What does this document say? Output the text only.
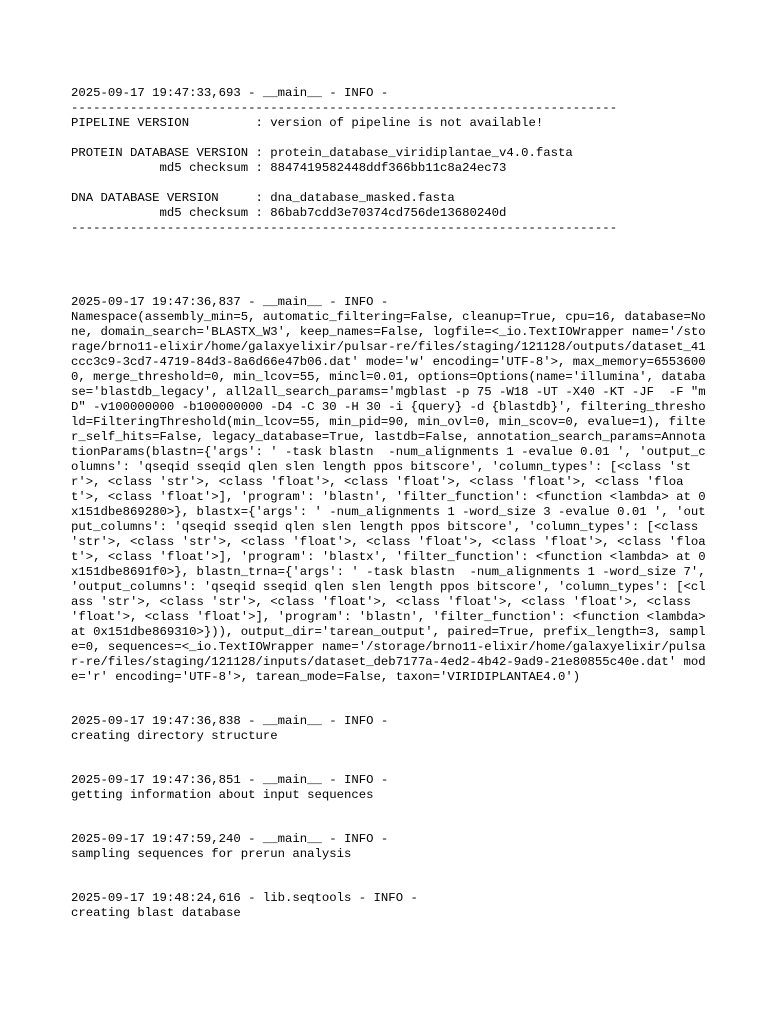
2025-09-17 19:47:33,693 - __main__ - INFO -
--------------------------------------------------------------------------
PIPELINE VERSION         : version of pipeline is not available!
PROTEIN DATABASE VERSION : protein_database_viridiplantae_v4.0.fasta
md5 checksum : 8847419582448ddf366bb11c8a24ec73
DNA DATABASE VERSION     : dna_database_masked.fasta
md5 checksum : 86bab7cdd3e70374cd756de13680240d
--------------------------------------------------------------------------
2025-09-17 19:47:36,837 - __main__ - INFO -
Namespace(assembly_min=5, automatic_filtering=False, cleanup=True, cpu=16, database=None, domain_search='BLASTX_W3', keep_names=False, logfile=<_io.TextIOWrapper name='/storage/brno11-elixir/home/galaxyelixir/pulsar-re/files/staging/121128/outputs/dataset_41ccc3c9-3cd7-4719-84d3-8a6d66e47b06.dat' mode='w' encoding='UTF-8'>, max_memory=65536000, merge_threshold=0, min_lcov=55, mincl=0.01, options=Options(name='illumina', database='blastdb_legacy', all2all_search_params='mgblast -p 75 -W18 -UT -X40 -KT -JF  -F "m D" -v100000000 -b100000000 -D4 -C 30 -H 30 -i {query} -d {blastdb}', filtering_threshold=FilteringThreshold(min_lcov=55, min_pid=90, min_ovl=0, min_scov=0, evalue=1), filter_self_hits=False, legacy_database=True, lastdb=False, annotation_search_params=AnnotationParams(blastn={'args': ' -task blastn  -num_alignments 1 -evalue 0.01 ', 'output_columns': 'qseqid sseqid qlen slen length ppos bitscore', 'column_types': [<class 'str'>, <class 'str'>, <class 'float'>, <class 'float'>, <class 'float'>, <class 'float'>, <class 'float'>], 'program': 'blastn', 'filter_function': <function <lambda> at 0x151dbe869280>}, blastx={'args': ' -num_alignments 1 -word_size 3 -evalue 0.01 ', 'output_columns': 'qseqid sseqid qlen slen length ppos bitscore', 'column_types': [<class 'str'>, <class 'str'>, <class 'float'>, <class 'float'>, <class 'float'>, <class 'float'>, <class 'float'>], 'program': 'blastx', 'filter_function': <function <lambda> at 0x151dbe8691f0>}, blastn_trna={'args': ' -task blastn  -num_alignments 1 -word_size 7', 'output_columns': 'qseqid sseqid qlen slen length ppos bitscore', 'column_types': [<class 'str'>, <class 'str'>, <class 'float'>, <class 'float'>, <class 'float'>, <class 'float'>, <class 'float'>], 'program': 'blastn', 'filter_function': <function <lambda> at 0x151dbe869310>})), output_dir='tarean_output', paired=True, prefix_length=3, sample=0, sequences=<_io.TextIOWrapper name='/storage/brno11-elixir/home/galaxyelixir/pulsar-re/files/staging/121128/inputs/dataset_deb7177a-4ed2-4b42-9ad9-21e80855c40e.dat' mode='r' encoding='UTF-8'>, tarean_mode=False, taxon='VIRIDIPLANTAE4.0')
2025-09-17 19:47:36,838 - __main__ - INFO -
creating directory structure
2025-09-17 19:47:36,851 - __main__ - INFO -
getting information about input sequences
2025-09-17 19:47:59,240 - __main__ - INFO -
sampling sequences for prerun analysis
2025-09-17 19:48:24,616 - lib.seqtools - INFO -
creating blast database
